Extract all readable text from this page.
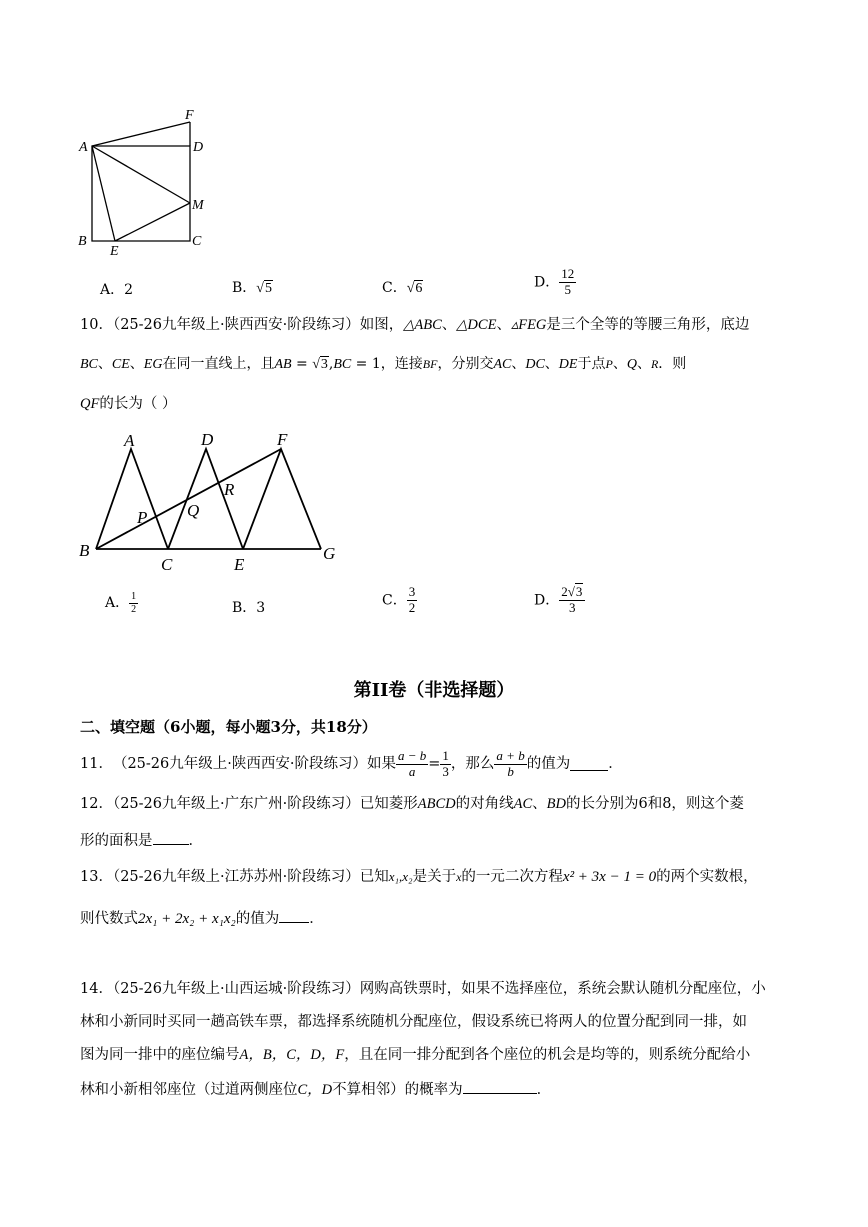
F
A	D
M
B
E
C
A．2	B．√5	C．√6	D． $\frac{12}{5}$
10．（25-26九年级上·陕西西安·阶段练习）如图，△ABC、△DCE、▵FEG是三个全等的等腰三角形，底边
BC、CE、EG在同一直线上，且AB = √3,BC = 1，连接BF，分别交AC、DC、DE于点P、Q、R．则
QF的长为（ ）
A	D	F
R
P Q
B
C	E
G
A． $\frac{1}{2}$	B．3	C． $\frac{3}{2}$	D． $\frac{2√3}{3}$
第II卷（非选择题）
二、填空题（6小题，每小题3分，共18分）
11． （25-26九年级上·陕西西安·阶段练习） 如果 $\frac{a - b}{a} = \frac{1}{3}$ ，那么 $\frac{a + b}{b}$ 的值为	．
12．（25-26九年级上·广东广州·阶段练习）已知菱形ABCD的对角线AC、BD的长分别为6和8，则这个菱
形的面积是 ．
13．（25-26九年级上·江苏苏州·阶段练习）已知x₁,x₂是关于x的一元二次方程x² + 3x − 1 = 0的两个实数根，
则代数式2x₁ + 2x₂ + x₁x₂的值为 ．
14．（25-26九年级上·山西运城·阶段练习）网购高铁票时，如果不选择座位，系统会默认随机分配座位，小
林和小新同时买同一趟高铁车票，都选择系统随机分配座位，假设系统已将两人的位置分配到同一排，如
图为同一排中的座位编号A，B，C，D，F，且在同一排分配到各个座位的机会是均等的，则系统分配给小
林和小新相邻座位（过道两侧座位C，D不算相邻）的概率为	．
